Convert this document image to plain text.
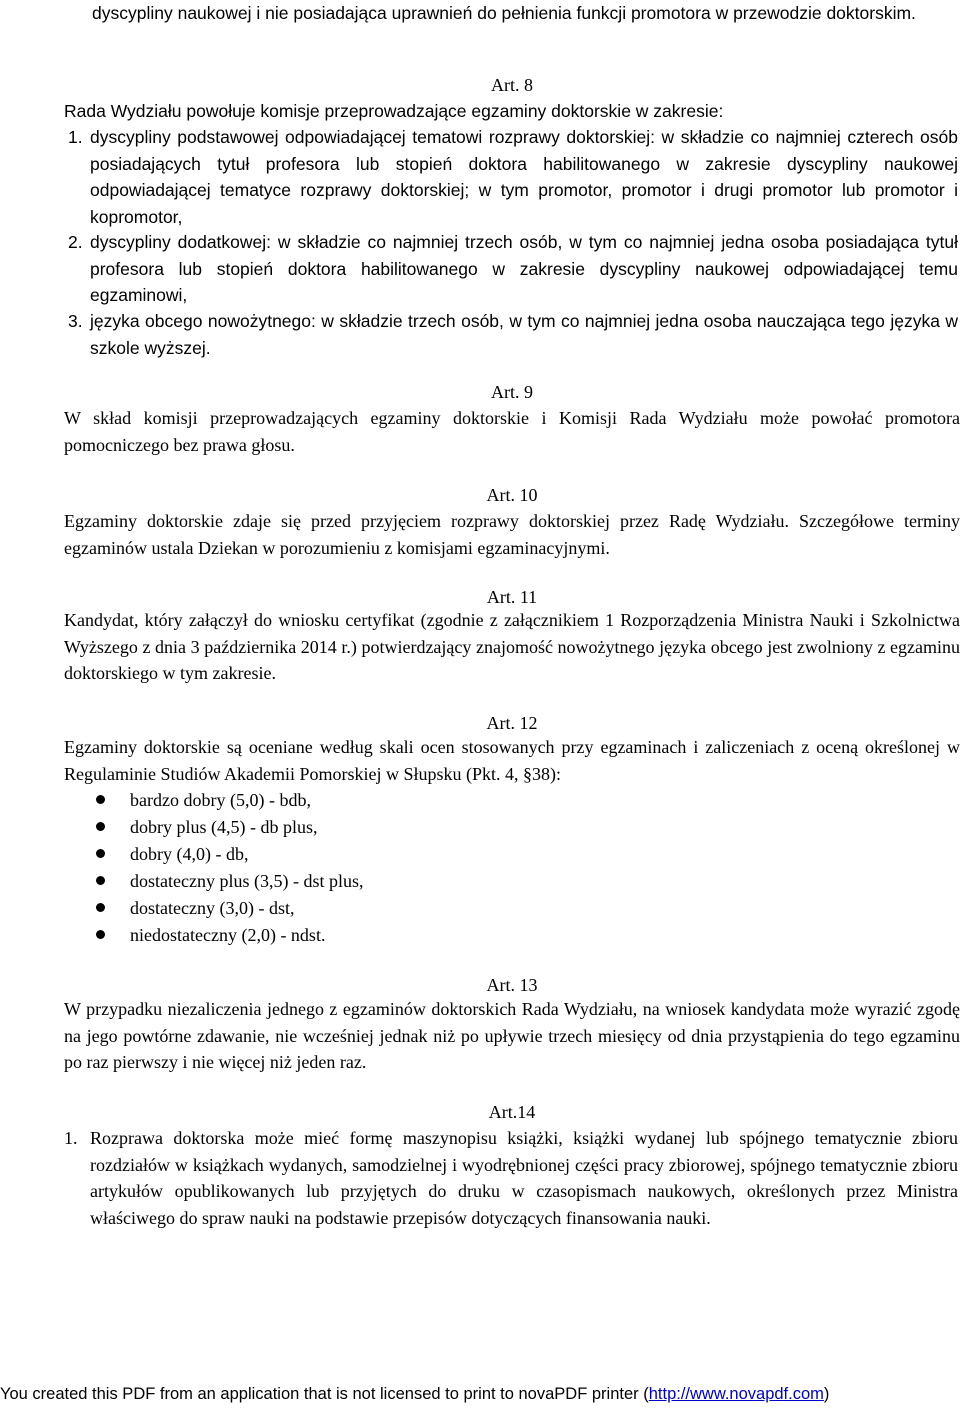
dyscypliny naukowej i nie posiadająca uprawnień do pełnienia funkcji promotora w przewodzie doktorskim.
Art. 8
Rada Wydziału powołuje komisje przeprowadzające egzaminy doktorskie w zakresie:
1. dyscypliny podstawowej odpowiadającej tematowi rozprawy doktorskiej: w składzie co najmniej czterech osób posiadających tytuł profesora lub stopień doktora habilitowanego w zakresie dyscypliny naukowej odpowiadającej tematyce rozprawy doktorskiej; w tym promotor, promotor i drugi promotor lub promotor i kopromotor,
2. dyscypliny dodatkowej: w składzie co najmniej trzech osób, w tym co najmniej jedna osoba posiadająca tytuł profesora lub stopień doktora habilitowanego w zakresie dyscypliny naukowej odpowiadającej temu egzaminowi,
3. języka obcego nowożytnego: w składzie trzech osób, w tym co najmniej jedna osoba nauczająca tego języka w szkole wyższej.
Art. 9
W skład komisji przeprowadzających egzaminy doktorskie i Komisji Rada Wydziału może powołać promotora pomocniczego bez prawa głosu.
Art. 10
Egzaminy doktorskie zdaje się przed przyjęciem rozprawy doktorskiej przez Radę Wydziału. Szczegółowe terminy egzaminów ustala Dziekan w porozumieniu z komisjami egzaminacyjnymi.
Art. 11
Kandydat, który załączył do wniosku certyfikat (zgodnie z załącznikiem 1 Rozporządzenia Ministra Nauki i Szkolnictwa Wyższego z dnia 3 października 2014 r.) potwierdzający znajomość nowożytnego języka obcego jest zwolniony z egzaminu doktorskiego w tym zakresie.
Art. 12
Egzaminy doktorskie są oceniane według skali ocen stosowanych przy egzaminach i zaliczeniach z oceną określonej w Regulaminie Studiów Akademii Pomorskiej w Słupsku (Pkt. 4, §38):
bardzo dobry (5,0) - bdb,
dobry plus (4,5) - db plus,
dobry (4,0) - db,
dostateczny plus (3,5) - dst plus,
dostateczny (3,0) - dst,
niedostateczny (2,0) - ndst.
Art. 13
W przypadku niezaliczenia jednego z egzaminów doktorskich Rada Wydziału, na wniosek kandydata może wyrazić zgodę na jego powtórne zdawanie, nie wcześniej jednak niż po upływie trzech miesięcy od dnia przystąpienia do tego egzaminu po raz pierwszy i nie więcej niż jeden raz.
Art.14
1. Rozprawa doktorska może mieć formę maszynopisu książki, książki wydanej lub spójnego tematycznie zbioru rozdziałów w książkach wydanych, samodzielnej i wyodrębnionej części pracy zbiorowej, spójnego tematycznie zbioru artykułów opublikowanych lub przyjętych do druku w czasopismach naukowych, określonych przez Ministra właściwego do spraw nauki na podstawie przepisów dotyczących finansowania nauki.
You created this PDF from an application that is not licensed to print to novaPDF printer (http://www.novapdf.com)
